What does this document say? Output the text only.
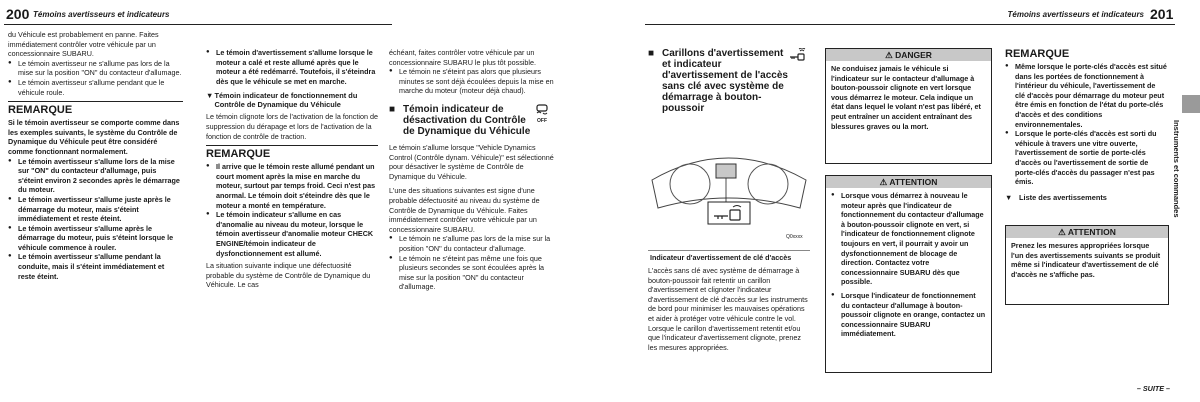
200 Témoins avertisseurs et indicateurs
du Véhicule est probablement en panne. Faites immédiatement contrôler votre véhicule par un concessionnaire SUBARU.
● Le témoin avertisseur ne s'allume pas lors de la mise sur la position "ON" du contacteur d'allumage.
● Le témoin avertisseur s'allume pendant que le véhicule roule.
REMARQUE
Si le témoin avertisseur se comporte comme dans les exemples suivants, le système du Contrôle de Dynamique du Véhicule peut être considéré comme fonctionnant normalement.
● Le témoin avertisseur s'allume lors de la mise sur "ON" du contacteur d'allumage, puis s'éteint environ 2 secondes après le démarrage du moteur.
● Le témoin avertisseur s'allume juste après le démarrage du moteur, mais s'éteint immédiatement et reste éteint.
● Le témoin avertisseur s'allume après le démarrage du moteur, puis s'éteint lorsque le véhicule commence à rouler.
● Le témoin avertisseur s'allume pendant la conduite, mais il s'éteint immédiatement et reste éteint.
● Le témoin d'avertissement s'allume lorsque le moteur a calé et reste allumé après que le moteur a été redémarré. Toutefois, il s'éteindra dès que le véhicule se met en marche.
▼ Témoin indicateur de fonctionnement du Contrôle de Dynamique du Véhicule
Le témoin clignote lors de l'activation de la fonction de suppression du dérapage et lors de l'activation de la fonction de contrôle de traction.
REMARQUE
● Il arrive que le témoin reste allumé pendant un court moment après la mise en marche du moteur, surtout par temps froid. Ceci n'est pas anormal. Le témoin doit s'éteindre dès que le moteur a monté en température.
● Le témoin indicateur s'allume en cas d'anomalie au niveau du moteur, lorsque le témoin avertisseur d'anomalie moteur CHECK ENGINE/témoin indicateur de dysfonctionnement est allumé.
La situation suivante indique une défectuosité probable du système de Contrôle de Dynamique du Véhicule. Le cas
échéant, faites contrôler votre véhicule par un concessionnaire SUBARU le plus tôt possible.
● Le témoin ne s'éteint pas alors que plusieurs minutes se sont déjà écoulées depuis la mise en marche du moteur (moteur déjà chaud).
■ Témoin indicateur de désactivation du Contrôle de Dynamique du Véhicule
OFF
Le témoin s'allume lorsque "Vehicle Dynamics Control (Contrôle dynam. Véhicule)" est sélectionné pour désactiver le système de Contrôle de Dynamique du Véhicule.
L'une des situations suivantes est signe d'une probable défectuosité au niveau du système de Contrôle de Dynamique du Véhicule. Faites immédiatement contrôler votre véhicule par un concessionnaire SUBARU.
● Le témoin ne s'allume pas lors de la mise sur la position "ON" du contacteur d'allumage.
● Le témoin ne s'éteint pas même une fois que plusieurs secondes se sont écoulées après la mise sur la position "ON" du contacteur d'allumage.
Témoins avertisseurs et indicateurs 201
Instruments et commandes
■ Carillons d'avertissement et indicateur d'avertissement de l'accès sans clé avec système de démarrage à bouton-poussoir
Q0xxxx
Indicateur d'avertissement de clé d'accès
L'accès sans clé avec système de démarrage à bouton-poussoir fait retentir un carillon d'avertissement et clignoter l'indicateur d'avertissement de clé d'accès sur les instruments de bord pour minimiser les mauvaises opérations et aider à protéger votre véhicule contre le vol.
Lorsque le carillon d'avertissement retentit et/ou que l'indicateur d'avertissement clignote, prenez les mesures appropriées.
⚠ DANGER
Ne conduisez jamais le véhicule si l'indicateur sur le contacteur d'allumage à bouton-poussoir clignote en vert lorsque vous démarrez le moteur. Cela indique un état dans lequel le volant n'est pas libéré, et peut entraîner un accident entraînant des blessures graves ou la mort.
⚠ ATTENTION
● Lorsque vous démarrez à nouveau le moteur après que l'indicateur de fonctionnement du contacteur d'allumage à bouton-poussoir clignote en vert, si l'indicateur de fonctionnement clignote toujours en vert, il pourrait y avoir un dysfonctionnement de blocage de direction. Contactez votre concessionnaire SUBARU dès que possible.
● Lorsque l'indicateur de fonctionnement du contacteur d'allumage à bouton-poussoir clignote en orange, contactez un concessionnaire SUBARU immédiatement.
REMARQUE
● Même lorsque le porte-clés d'accès est situé dans les portées de fonctionnement à l'intérieur du véhicule, l'avertissement de clé d'accès pour démarrage du moteur peut être émis en fonction de l'état du porte-clés d'accès et des conditions environnementales.
● Lorsque le porte-clés d'accès est sorti du véhicule à travers une vitre ouverte, l'avertissement de sortie de porte-clés d'accès ou l'avertissement de sortie de porte-clés d'accès du passager n'est pas émis.
▼ Liste des avertissements
⚠ ATTENTION
Prenez les mesures appropriées lorsque l'un des avertissements suivants se produit même si l'indicateur d'avertissement de clé d'accès ne s'affiche pas.
– SUITE –
